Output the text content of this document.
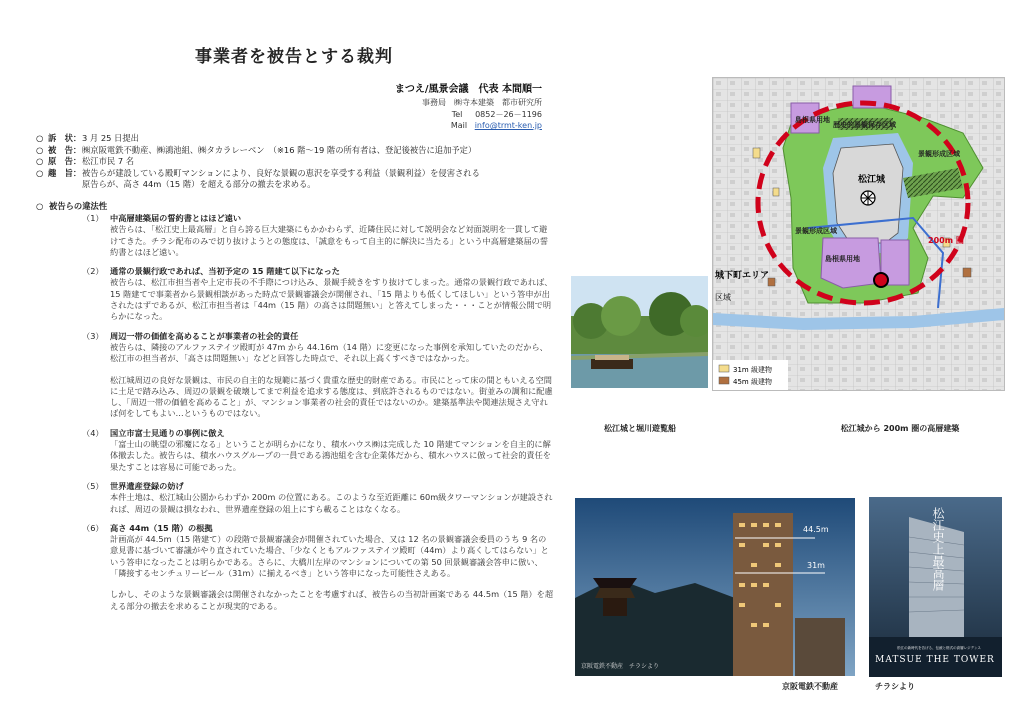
事業者を被告とする裁判
まつえ/風景会議　代表 本間順一
事務局　㈱寺本建築　都市研究所
Tel 0852－26－1196
Mail info@trmt-ken.jp
○ 訴　状： 3 月 25 日提出
○ 被　告： ㈱京阪電鉄不動産、㈱鴻池組、㈱タカラレーベン　（※16 階～19 階の所有者は、登記後被告に追加予定）
○ 原　告： 松江市民 7 名
○ 趣　旨： 被告らが建設している殿町マンションにより、良好な景観の恵沢を享受する利益（景観利益）を侵害される
原告らが、高さ 44m（15 階）を超える部分の撤去を求める。
○ 被告らの違法性
（1） 中高層建築届の誓約書とはほど遠い

被告らは、「松江史上最高層」と自ら誇る巨大建築にもかかわらず、近隣住民に対して説明会など対面説明を一貫して避けてきた。チラシ配布のみで切り抜けようとの態度は、「誠意をもって自主的に解決に当たる」という中高層建築届の誓約書とはほど遠い。

（2） 通常の景観行政であれば、当初予定の 15 階建て以下になった

被告らは、松江市担当者や上定市長の不手際につけ込み、景観手続きをすり抜けてしまった。通常の景観行政であれば、15 階建てで事業者から景観相談があった時点で景観審議会が開催され、「15 階よりも低くしてほしい」という答申が出されたはずであるが、松江市担当者は「44m（15 階）の高さは問題無い」と答えてしまった・・・ことが情報公開で明らかになった。

（3） 周辺一帯の価値を高めることが事業者の社会的責任

被告らは、隣接のアルファステイツ殿町が 47m から 44.16m（14 階）に変更になった事例を承知していたのだから、松江市の担当者が、「高さは問題無い」などと回答した時点で、それ以上高くすべきではなかった。

松江城周辺の良好な景観は、市民の自主的な規範に基づく貴重な歴史的財産である。市民にとって床の間ともいえる空間に土足で踏み込み、周辺の景観を破壊してまで利益を追求する態度は、到底許されるものではない。街並みの調和に配慮し、「周辺一帯の価値を高めること」が、マンション事業者の社会的責任ではないのか。建築基準法や関連法規さえ守れば何をしてもよい…というものではない。

（4） 国立市富士見通りの事例に倣え

「富士山の眺望の邪魔になる」ということが明らかになり、積水ハウス㈱は完成した 10 階建てマンションを自主的に解体撤去した。被告らは、積水ハウスグループの一員である鴻池組を含む企業体だから、積水ハウスに倣って社会的責任を果たすことは容易に可能であった。

（5） 世界遺産登録の妨げ

本件土地は、松江城山公園からわずか 200m の位置にある。このような至近距離に 60m級タワーマンションが建設されれば、周辺の景観は損なわれ、世界遺産登録の俎上にすら載ることはなくなる。

（6） 高さ 44m（15 階）の根拠

計画高が 44.5m（15 階建て）の段階で景観審議会が開催されていた場合、又は 12 名の景観審議会委員のうち 9 名の意見書に基づいて審議がやり直されていた場合、「少なくともアルファステイツ殿町（44m）より高くしてはらない」という答申になったことは明らかである。さらに、大橋川左岸のマンションについての第 50 回景観審議会答申に倣い、「隣接するセンチュリービール（31m）に揃えるべき」という答申になった可能性さえある。

しかし、そのような景観審議会は開催されなかったことを考慮すれば、被告らの当初計画案である 44.5m（15 階）を超える部分の撤去を求めることが現実的である。

松江城
200m 圏
景観形成区域
景観形成区域
歴史的景観保存区域
島根県用地
島根県用地
城下町エリア
区域
31m 級建物
45m 級建物
松江城と堀川遊覧船	松江城から 200m 圏の高層建築
44.5m
31m
京阪電鉄不動産　チラシより
京阪電鉄不動産	チラシより
松江の新時代を告げる、伝統と格式の高層レジデンス
MATSUE THE TOWER
松江史上最高層
